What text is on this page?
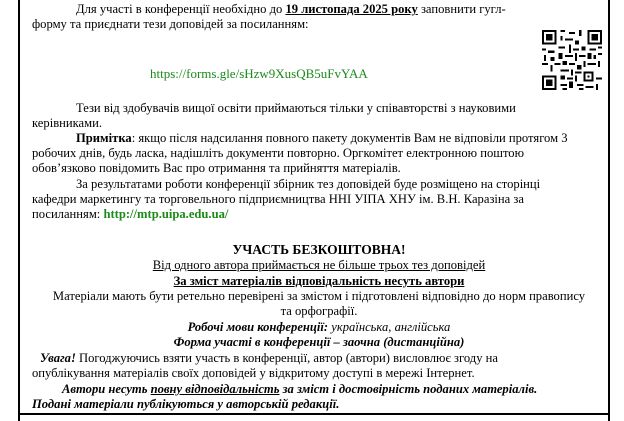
Для участі в конференції необхідно до 19 листопада 2025 року заповнити гугл-
форму та приєднати тези доповідей за посиланням:
https://forms.gle/sHzw9XusQB5uFvYAA
Тези від здобувачів вищої освіти приймаються тільки у співавторстві з науковими
керівниками.
Примітка: якщо після надсилання повного пакету документів Вам не відповіли протягом 3
робочих днів, будь ласка, надішліть документи повторно. Оргкомітет електронною поштою
обов’язково повідомить Вас про отримання та прийняття матеріалів.
За результатами роботи конференції збірник тез доповідей буде розміщено на сторінці
кафедри маркетингу та торговельного підприємництва ННІ УІПА ХНУ ім. В.Н. Каразіна за
посиланням: http://mtp.uipa.edu.ua/
УЧАСТЬ БЕЗКОШТОВНА!
Від одного автора приймається не більше трьох тез доповідей
За зміст матеріалів відповідальність несуть автори
Матеріали мають бути ретельно перевірені за змістом і підготовлені відповідно до норм правопису
та орфографії.
Робочі мови конференції: українська, англійська
Форма участі в конференції – заочна (дистанційна)
Увага! Погоджуючись взяти участь в конференції, автор (автори) висловлює згоду на
опублікування матеріалів своїх доповідей у відкритому доступі в мережі Інтернет.
Автори несуть повну відповідальність за зміст і достовірність поданих матеріалів.
Подані матеріали публікуються у авторській редакції.
